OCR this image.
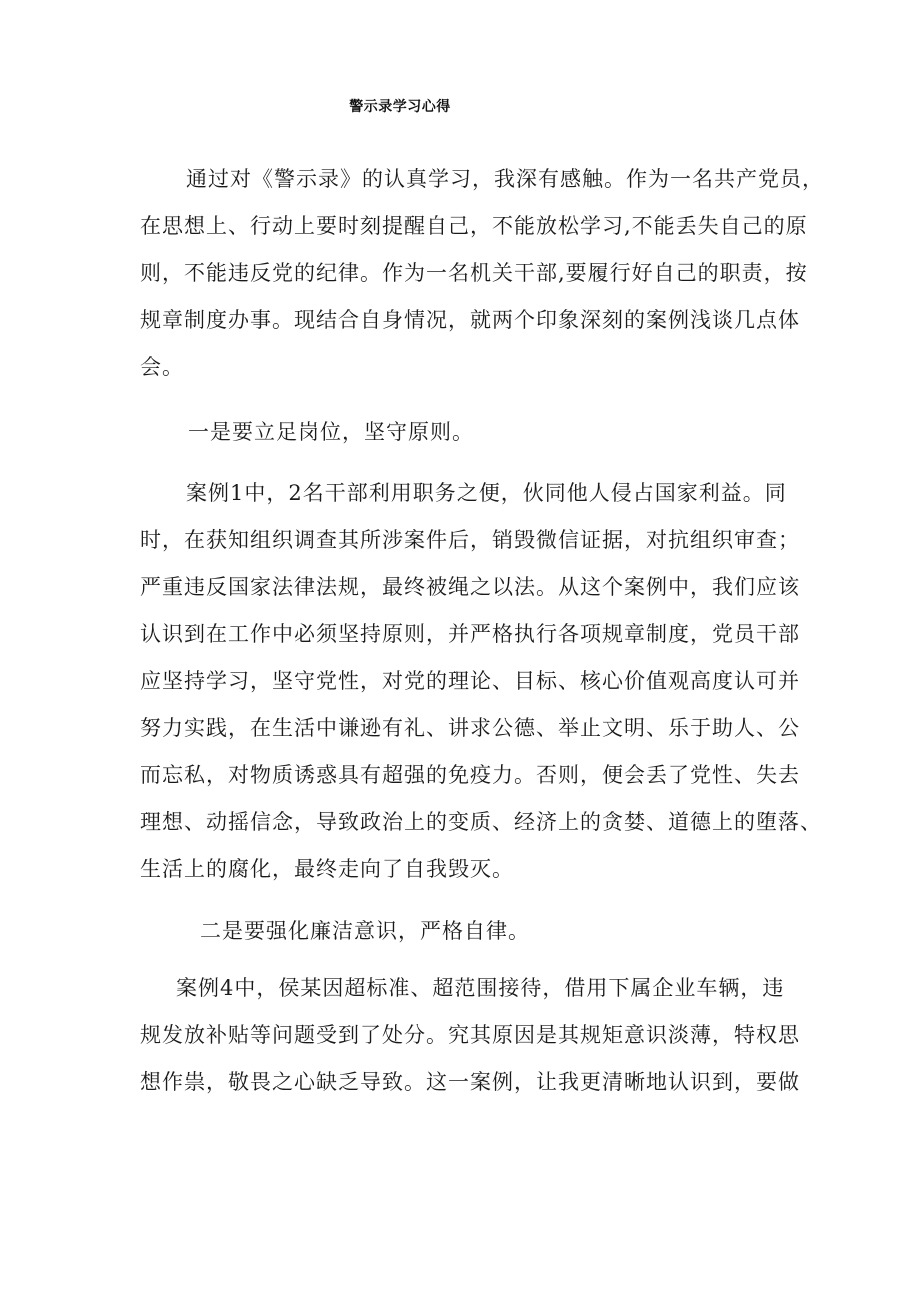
警示录学习心得
通过对《警示录》的认真学习，我深有感触。作为一名共产党员，
在思想上、行动上要时刻提醒自己，不能放松学习,不能丢失自己的原
则，不能违反党的纪律。作为一名机关干部,要履行好自己的职责，按
规章制度办事。现结合自身情况，就两个印象深刻的案例浅谈几点体
会。
一是要立足岗位，坚守原则。
案例1中，2名干部利用职务之便，伙同他人侵占国家利益。同
时，在获知组织调查其所涉案件后，销毁微信证据，对抗组织审查；
严重违反国家法律法规，最终被绳之以法。从这个案例中，我们应该
认识到在工作中必须坚持原则，并严格执行各项规章制度，党员干部
应坚持学习，坚守党性，对党的理论、目标、核心价值观高度认可并
努力实践，在生活中谦逊有礼、讲求公德、举止文明、乐于助人、公
而忘私，对物质诱惑具有超强的免疫力。否则，便会丢了党性、失去
理想、动摇信念，导致政治上的变质、经济上的贪婪、道德上的堕落、
生活上的腐化，最终走向了自我毁灭。
二是要强化廉洁意识，严格自律。
案例4中，侯某因超标准、超范围接待，借用下属企业车辆，违
规发放补贴等问题受到了处分。究其原因是其规矩意识淡薄，特权思
想作祟，敬畏之心缺乏导致。这一案例，让我更清晰地认识到，要做
